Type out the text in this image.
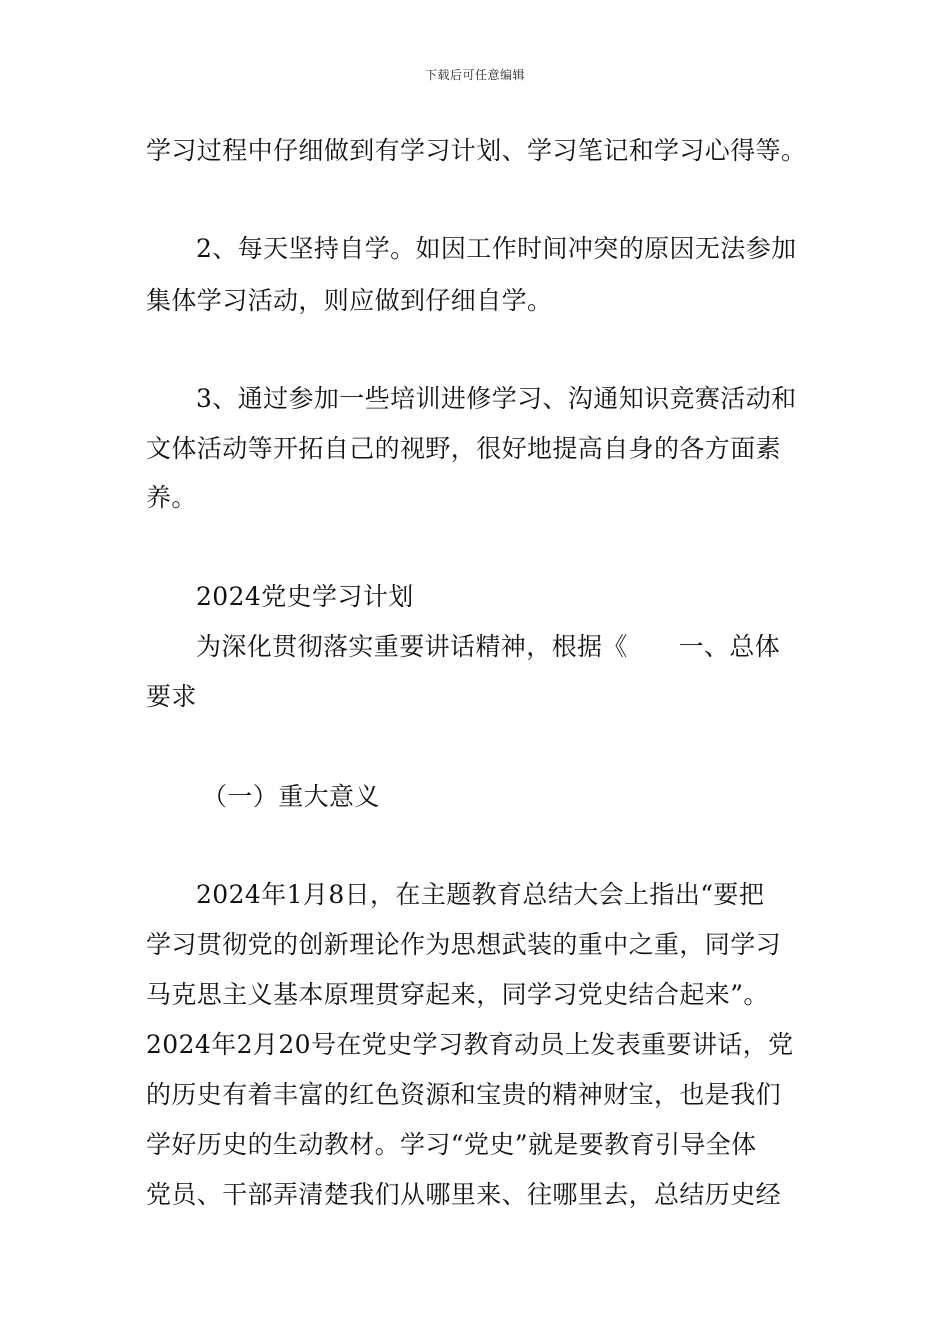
下载后可任意编辑
学习过程中仔细做到有学习计划、学习笔记和学习心得等。
2、每天坚持自学。如因工作时间冲突的原因无法参加
集体学习活动，则应做到仔细自学。
3、通过参加一些培训进修学习、沟通知识竞赛活动和
文体活动等开拓自己的视野，很好地提高自身的各方面素
养。
2024党史学习计划
为深化贯彻落实重要讲话精神，根据《　　一、总体
要求
（一）重大意义
2024年1月8日，在主题教育总结大会上指出“要把
学习贯彻党的创新理论作为思想武装的重中之重，同学习
马克思主义基本原理贯穿起来，同学习党史结合起来”。
2024年2月20号在党史学习教育动员上发表重要讲话，党
的历史有着丰富的红色资源和宝贵的精神财宝，也是我们
学好历史的生动教材。学习“党史”就是要教育引导全体
党员、干部弄清楚我们从哪里来、往哪里去，总结历史经
